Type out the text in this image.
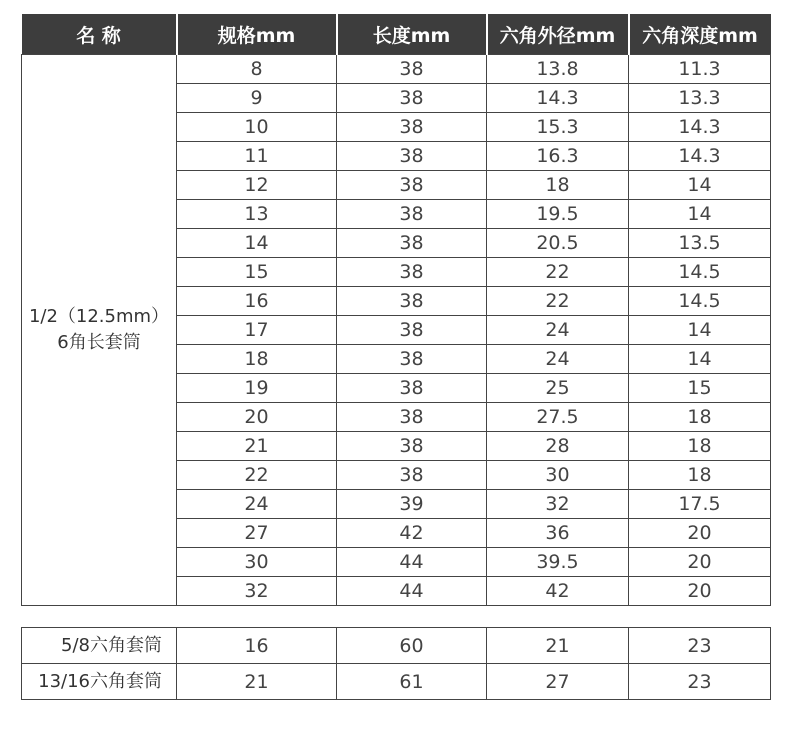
名 称	规格mm	长度mm	六角外径mm	六角深度mm

1/2（12.5mm）
6角长套筒	8	38	13.8	11.3
	9	38	14.3	13.3
	10	38	15.3	14.3
	11	38	16.3	14.3
	12	38	18	14
	13	38	19.5	14
	14	38	20.5	13.5
	15	38	22	14.5
	16	38	22	14.5
	17	38	24	14
	18	38	24	14
	19	38	25	15
	20	38	27.5	18
	21	38	28	18
	22	38	30	18
	24	39	32	17.5
	27	42	36	20
	30	44	39.5	20
	32	44	42	20
5/8六角套筒	16	60	21	23
13/16六角套筒	21	61	27	23
